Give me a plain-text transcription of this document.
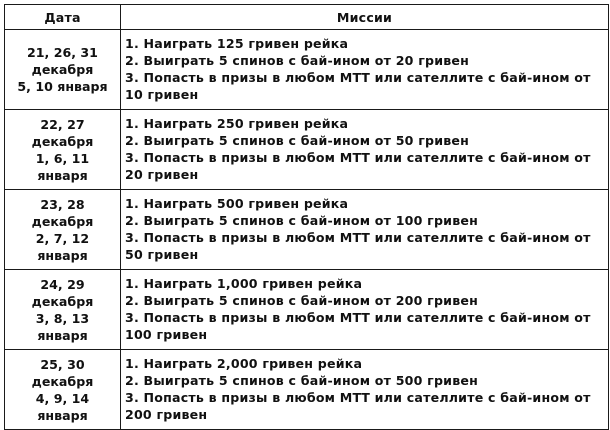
Дата	Миссии

21, 26, 31
декабря
5, 10 января	1. Наиграть 125 гривен рейка
2. Выиграть 5 спинов с бай-ином от 20 гривен
3. Попасть в призы в любом МТТ или сателлите с бай-ином от 10 гривен

22, 27 декабря
1, 6, 11 января	1. Наиграть 250 гривен рейка
2. Выиграть 5 спинов с бай-ином от 50 гривен
3. Попасть в призы в любом МТТ или сателлите с бай-ином от 20 гривен

23, 28 декабря
2, 7, 12 января	1. Наиграть 500 гривен рейка
2. Выиграть 5 спинов с бай-ином от 100 гривен
3. Попасть в призы в любом МТТ или сателлите с бай-ином от 50 гривен

24, 29 декабря
3, 8, 13 января	1. Наиграть 1,000 гривен рейка
2. Выиграть 5 спинов с бай-ином от 200 гривен
3. Попасть в призы в любом МТТ или сателлите с бай-ином от 100 гривен

25, 30 декабря
4, 9, 14 января	1. Наиграть 2,000 гривен рейка
2. Выиграть 5 спинов с бай-ином от 500 гривен
3. Попасть в призы в любом МТТ или сателлите с бай-ином от 200 гривен
